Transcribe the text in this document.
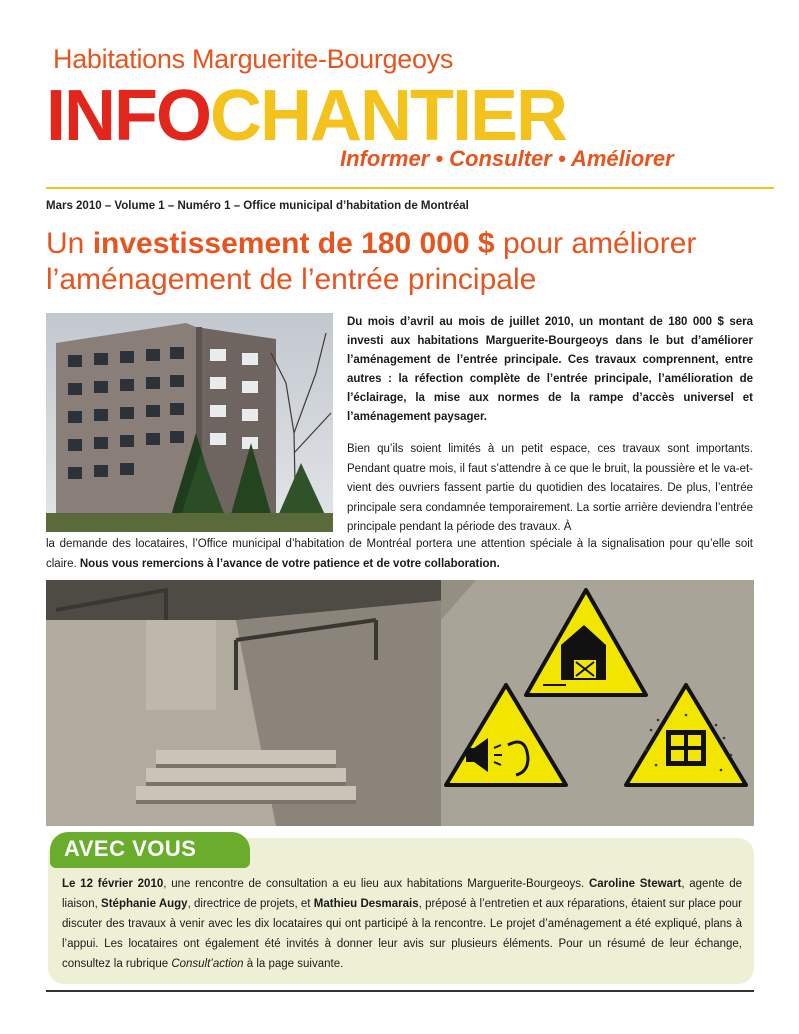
Habitations Marguerite-Bourgeoys
INFOCHANTIER
Informer • Consulter • Améliorer
Mars 2010 – Volume 1 – Numéro 1 – Office municipal d’habitation de Montréal
Un investissement de 180 000 $ pour améliorer l’aménagement de l’entrée principale
Du mois d’avril au mois de juillet 2010, un montant de 180 000 $ sera investi aux habitations Marguerite-Bourgeoys dans le but d’améliorer l’aménagement de l’entrée principale. Ces travaux comprennent, entre autres : la réfection complète de l’entrée principale, l’amélioration de l’éclairage, la mise aux normes de la rampe d’accès universel et l’aménagement paysager.
Bien qu’ils soient limités à un petit espace, ces travaux sont importants. Pendant quatre mois, il faut s’attendre à ce que le bruit, la poussière et le va-et-vient des ouvriers fassent partie du quotidien des locataires. De plus, l’entrée principale sera condamnée temporairement. La sortie arrière deviendra l’entrée principale pendant la période des travaux. À
la demande des locataires, l’Office municipal d’habitation de Montréal portera une attention spéciale à la signalisation pour qu’elle soit claire. Nous vous remercions à l’avance de votre patience et de votre collaboration.
AVEC VOUS
Le 12 février 2010, une rencontre de consultation a eu lieu aux habitations Marguerite-Bourgeoys. Caroline Stewart, agente de liaison, Stéphanie Augy, directrice de projets, et Mathieu Desmarais, préposé à l’entretien et aux réparations, étaient sur place pour discuter des travaux à venir avec les dix locataires qui ont participé à la rencontre. Le projet d’aménagement a été expliqué, plans à l’appui. Les locataires ont également été invités à donner leur avis sur plusieurs éléments. Pour un résumé de leur échange, consultez la rubrique Consult’action à la page suivante.
